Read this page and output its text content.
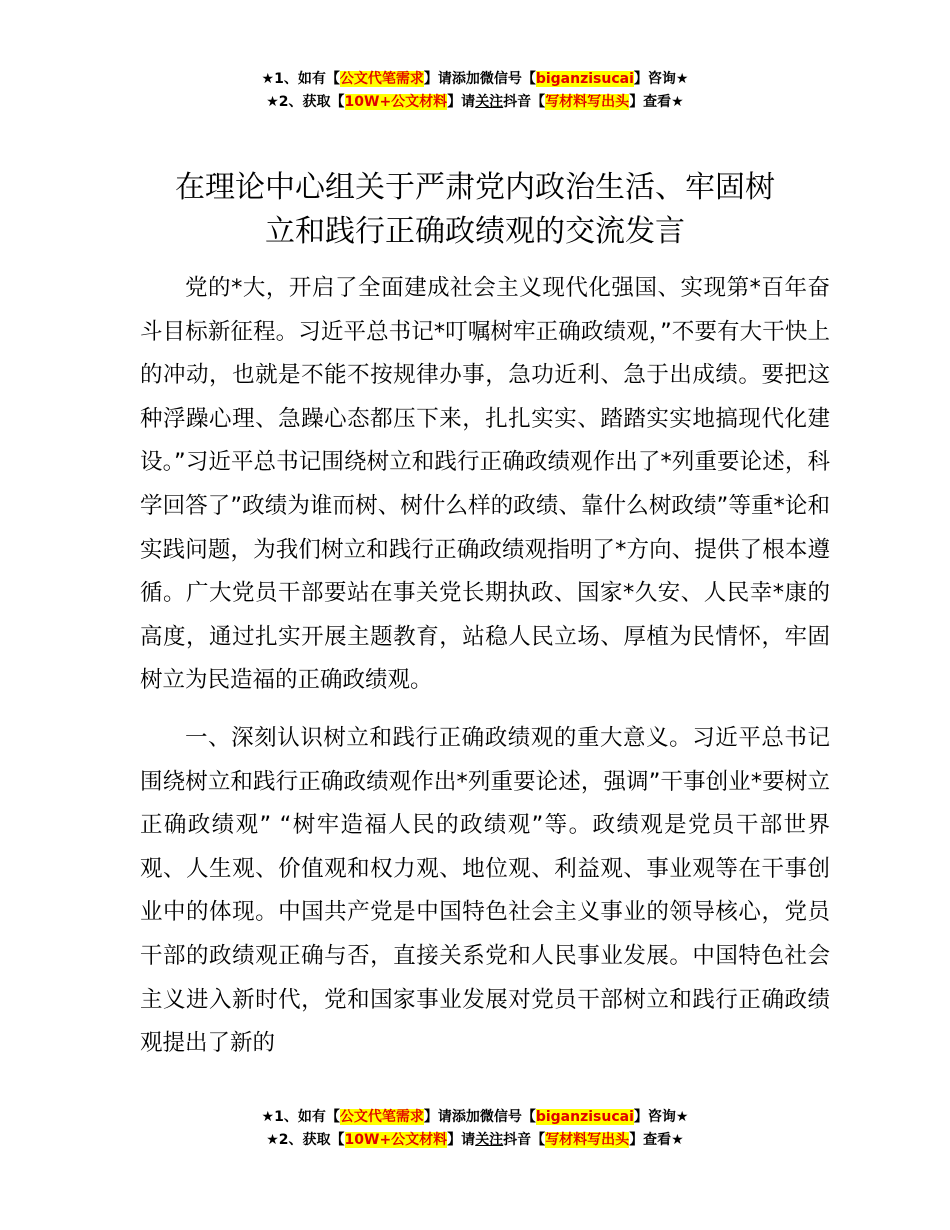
★1、如有【公文代笔需求】请添加微信号【biganzisucai】咨询★
★2、获取【10W+公文材料】请关注抖音【写材料写出头】查看★
在理论中心组关于严肃党内政治生活、牢固树
立和践行正确政绩观的交流发言

党的*大，开启了全面建成社会主义现代化强国、实现第*百年奋斗目标新征程。习近平总书记*叮嘱树牢正确政绩观，”不要有大干快上的冲动，也就是不能不按规律办事，急功近利、急于出成绩。要把这种浮躁心理、急躁心态都压下来，扎扎实实、踏踏实实地搞现代化建设。”习近平总书记围绕树立和践行正确政绩观作出了*列重要论述，科学回答了”政绩为谁而树、树什么样的政绩、靠什么树政绩”等重*论和实践问题，为我们树立和践行正确政绩观指明了*方向、提供了根本遵循。广大党员干部要站在事关党长期执政、国家*久安、人民幸*康的高度，通过扎实开展主题教育，站稳人民立场、厚植为民情怀，牢固树立为民造福的正确政绩观。

一、深刻认识树立和践行正确政绩观的重大意义。习近平总书记围绕树立和践行正确政绩观作出*列重要论述，强调”干事创业*要树立正确政绩观” “树牢造福人民的政绩观”等。政绩观是党员干部世界观、人生观、价值观和权力观、地位观、利益观、事业观等在干事创业中的体现。中国共产党是中国特色社会主义事业的领导核心，党员干部的政绩观正确与否，直接关系党和人民事业发展。中国特色社会主义进入新时代，党和国家事业发展对党员干部树立和践行正确政绩观提出了新的

★1、如有【公文代笔需求】请添加微信号【biganzisucai】咨询★
★2、获取【10W+公文材料】请关注抖音【写材料写出头】查看★
